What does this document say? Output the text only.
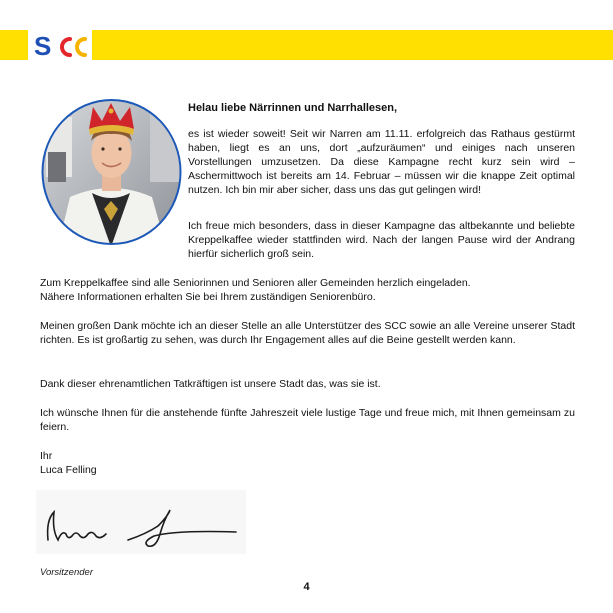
S
Helau liebe Närrinnen und Narrhallesen,

es ist wieder soweit! Seit wir Narren am 11.11. erfolgreich das Rathaus gestürmt haben, liegt es an uns, dort „aufzuräumen“ und einiges nach unseren Vorstellungen umzusetzen. Da diese Kampagne recht kurz sein wird – Aschermittwoch ist bereits am 14. Februar – müssen wir die knappe Zeit optimal nutzen. Ich bin mir aber sicher, dass uns das gut gelingen wird!

Ich freue mich besonders, dass in dieser Kampagne das altbekannte und beliebte Kreppelkaffee wieder stattfinden wird. Nach der langen Pause wird der Andrang hierfür sicherlich groß sein.

Zum Kreppelkaffee sind alle Seniorinnen und Senioren aller Gemeinden herzlich eingeladen.
Nähere Informationen erhalten Sie bei Ihrem zuständigen Seniorenbüro.

Meinen großen Dank möchte ich an dieser Stelle an alle Unterstützer des SCC sowie an alle Vereine unserer Stadt richten. Es ist großartig zu sehen, was durch Ihr Engagement alles auf die Beine gestellt werden kann.

Dank dieser ehrenamtlichen Tatkräftigen ist unsere Stadt das, was sie ist.

Ich wünsche Ihnen für die anstehende fünfte Jahreszeit viele lustige Tage und freue mich, mit Ihnen gemeinsam zu feiern.

Ihr
Luca Felling
Vorsitzender
4
